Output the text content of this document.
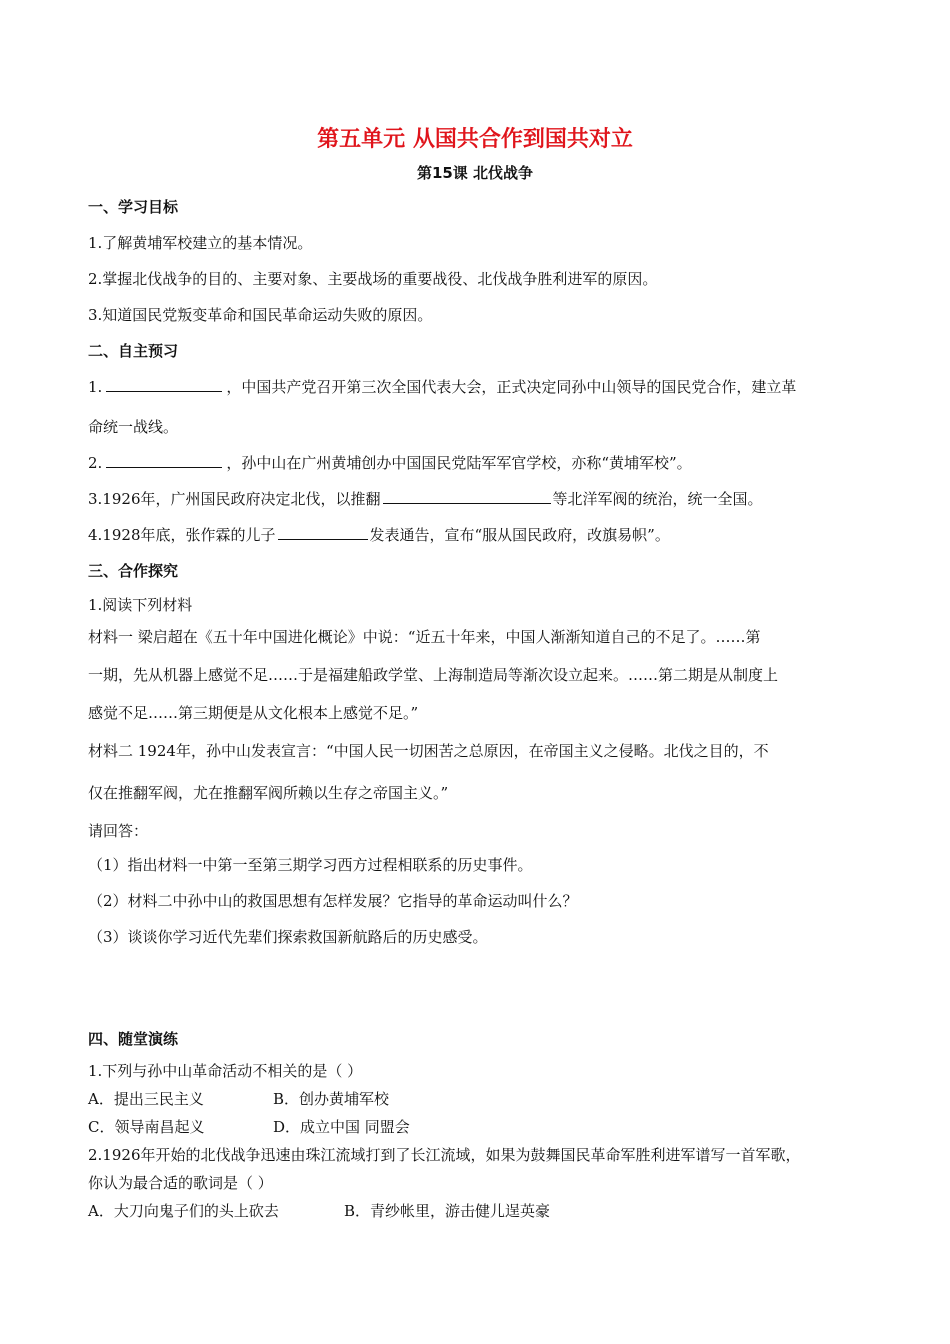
第五单元 从国共合作到国共对立
第15课 北伐战争
一、学习目标
1.了解黄埔军校建立的基本情况。
2.掌握北伐战争的目的、主要对象、主要战场的重要战役、北伐战争胜利进军的原因。
3.知道国民党叛变革命和国民革命运动失败的原因。
二、自主预习
1.	，中国共产党召开第三次全国代表大会，正式决定同孙中山领导的国民党合作，建立革
命统一战线。
2.	，孙中山在广州黄埔创办中国国民党陆军军官学校，亦称“黄埔军校”。
3.1926年，广州国民政府决定北伐，以推翻	等北洋军阀的统治，统一全国。
4.1928年底，张作霖的儿子	发表通告，宣布“服从国民政府，改旗易帜”。
三、合作探究
1.阅读下列材料
材料一 梁启超在《五十年中国进化概论》中说：“近五十年来，中国人渐渐知道自己的不足了。……第
一期，先从机器上感觉不足……于是福建船政学堂、上海制造局等渐次设立起来。……第二期是从制度上
感觉不足……第三期便是从文化根本上感觉不足。”
材料二 1924年，孙中山发表宣言：“中国人民一切困苦之总原因，在帝国主义之侵略。北伐之目的，不
仅在推翻军阀，尤在推翻军阀所赖以生存之帝国主义。”
请回答：
（1）指出材料一中第一至第三期学习西方过程相联系的历史事件。
（2）材料二中孙中山的救国思想有怎样发展？它指导的革命运动叫什么？
（3）谈谈你学习近代先辈们探索救国新航路后的历史感受。
四、随堂演练
1.下列与孙中山革命活动不相关的是（ ）
A．提出三民主义	B．创办黄埔军校
C．领导南昌起义	D．成立中国 同盟会
2.1926年开始的北伐战争迅速由珠江流域打到了长江流域，如果为鼓舞国民革命军胜利进军谱写一首军歌，
你认为最合适的歌词是（ ）
A．大刀向鬼子们的头上砍去	B．青纱帐里，游击健儿逞英豪
